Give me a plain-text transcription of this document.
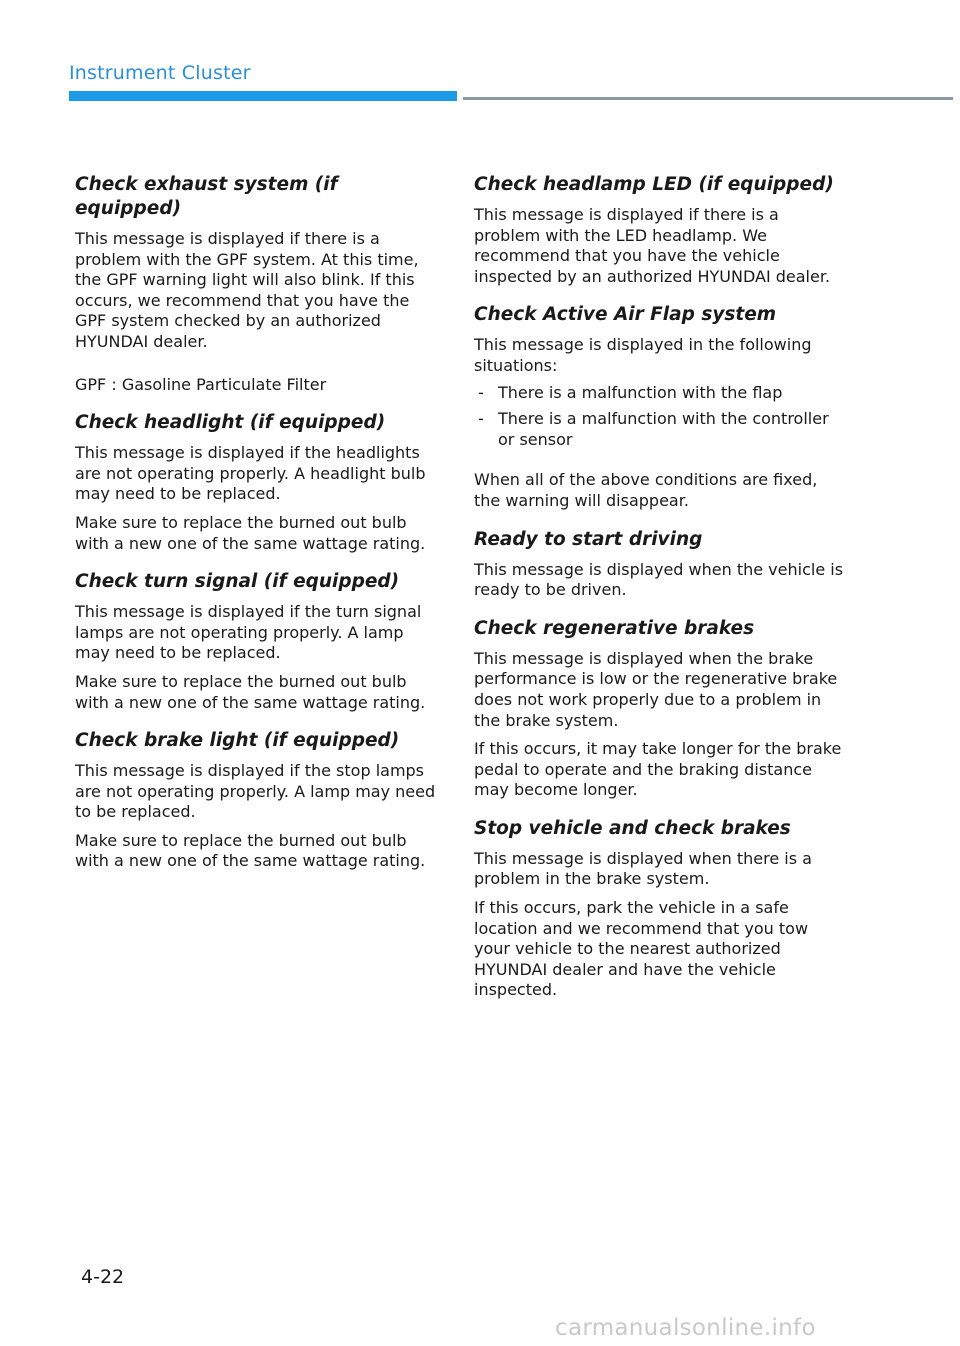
Instrument Cluster
Check exhaust system (if equipped)

This message is displayed if there is a problem with the GPF system. At this time, the GPF warning light will also blink. If this occurs, we recommend that you have the GPF system checked by an authorized HYUNDAI dealer.

GPF : Gasoline Particulate Filter

Check headlight (if equipped)

This message is displayed if the headlights are not operating properly. A headlight bulb may need to be replaced.

Make sure to replace the burned out bulb with a new one of the same wattage rating.

Check turn signal (if equipped)

This message is displayed if the turn signal lamps are not operating properly. A lamp may need to be replaced.

Make sure to replace the burned out bulb with a new one of the same wattage rating.

Check brake light (if equipped)

This message is displayed if the stop lamps are not operating properly. A lamp may need to be replaced.

Make sure to replace the burned out bulb with a new one of the same wattage rating.

Check headlamp LED (if equipped)

This message is displayed if there is a problem with the LED headlamp. We recommend that you have the vehicle inspected by an authorized HYUNDAI dealer.

Check Active Air Flap system

This message is displayed in the following situations:

- There is a malfunction with the flap
- There is a malfunction with the controller or sensor

When all of the above conditions are fixed, the warning will disappear.

Ready to start driving

This message is displayed when the vehicle is ready to be driven.

Check regenerative brakes

This message is displayed when the brake performance is low or the regenerative brake does not work properly due to a problem in the brake system.

If this occurs, it may take longer for the brake pedal to operate and the braking distance may become longer.

Stop vehicle and check brakes

This message is displayed when there is a problem in the brake system.

If this occurs, park the vehicle in a safe location and we recommend that you tow your vehicle to the nearest authorized HYUNDAI dealer and have the vehicle inspected.

4-22
carmanualsonline.info
